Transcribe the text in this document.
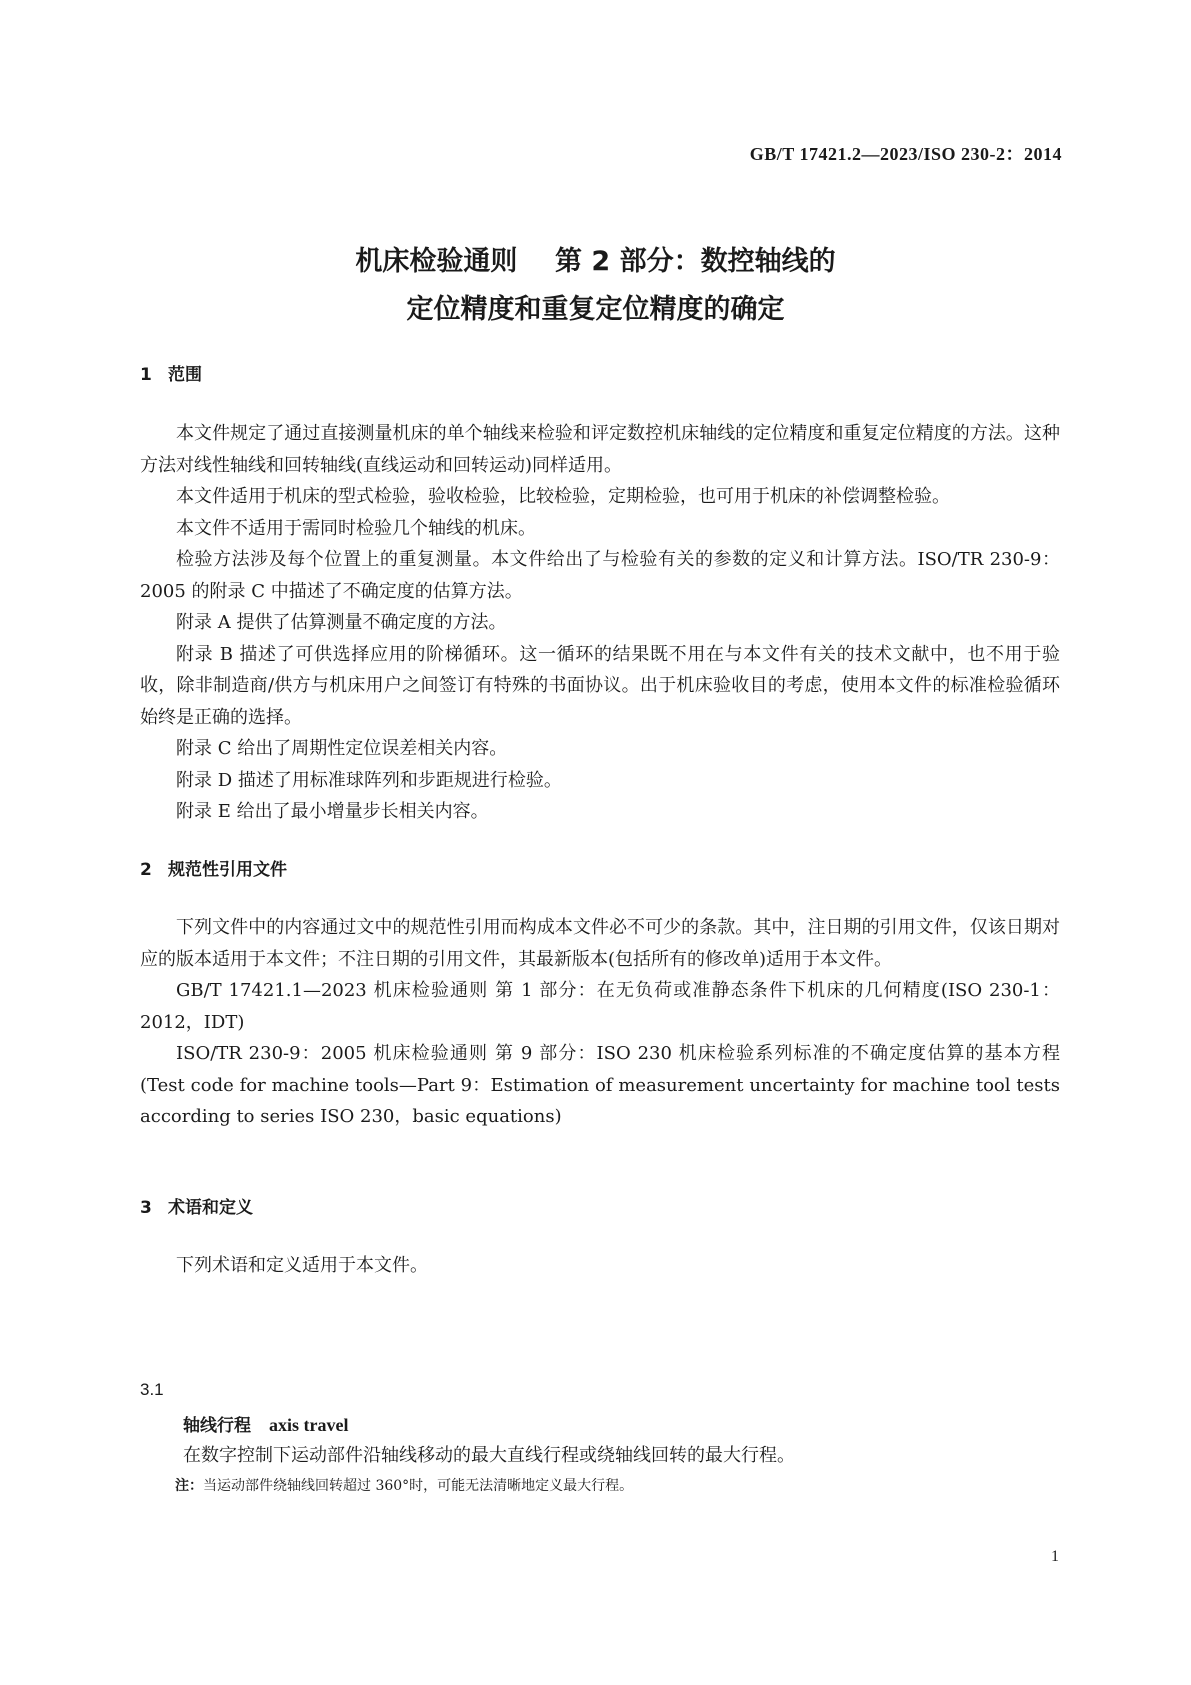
GB/T 17421.2—2023/ISO 230-2：2014
机床检验通则    第 2 部分：数控轴线的
定位精度和重复定位精度的确定
1 范围

本文件规定了通过直接测量机床的单个轴线来检验和评定数控机床轴线的定位精度和重复定位精度的方法。这种方法对线性轴线和回转轴线(直线运动和回转运动)同样适用。

本文件适用于机床的型式检验，验收检验，比较检验，定期检验，也可用于机床的补偿调整检验。

本文件不适用于需同时检验几个轴线的机床。

检验方法涉及每个位置上的重复测量。本文件给出了与检验有关的参数的定义和计算方法。ISO/TR 230-9：2005 的附录 C 中描述了不确定度的估算方法。

附录 A 提供了估算测量不确定度的方法。

附录 B 描述了可供选择应用的阶梯循环。这一循环的结果既不用在与本文件有关的技术文献中，也不用于验收，除非制造商/供方与机床用户之间签订有特殊的书面协议。出于机床验收目的考虑，使用本文件的标准检验循环始终是正确的选择。

附录 C 给出了周期性定位误差相关内容。

附录 D 描述了用标准球阵列和步距规进行检验。

附录 E 给出了最小增量步长相关内容。

2 规范性引用文件

下列文件中的内容通过文中的规范性引用而构成本文件必不可少的条款。其中，注日期的引用文件，仅该日期对应的版本适用于本文件；不注日期的引用文件，其最新版本(包括所有的修改单)适用于本文件。

GB/T 17421.1—2023 机床检验通则 第 1 部分：在无负荷或准静态条件下机床的几何精度(ISO 230-1：2012，IDT)

ISO/TR 230-9：2005 机床检验通则 第 9 部分：ISO 230 机床检验系列标准的不确定度估算的基本方程(Test code for machine tools—Part 9：Estimation of measurement uncertainty for machine tool tests according to series ISO 230，basic equations)

3 术语和定义

下列术语和定义适用于本文件。

3.1
轴线行程 axis travel
在数字控制下运动部件沿轴线移动的最大直线行程或绕轴线回转的最大行程。
注：当运动部件绕轴线回转超过 360°时，可能无法清晰地定义最大行程。
1
